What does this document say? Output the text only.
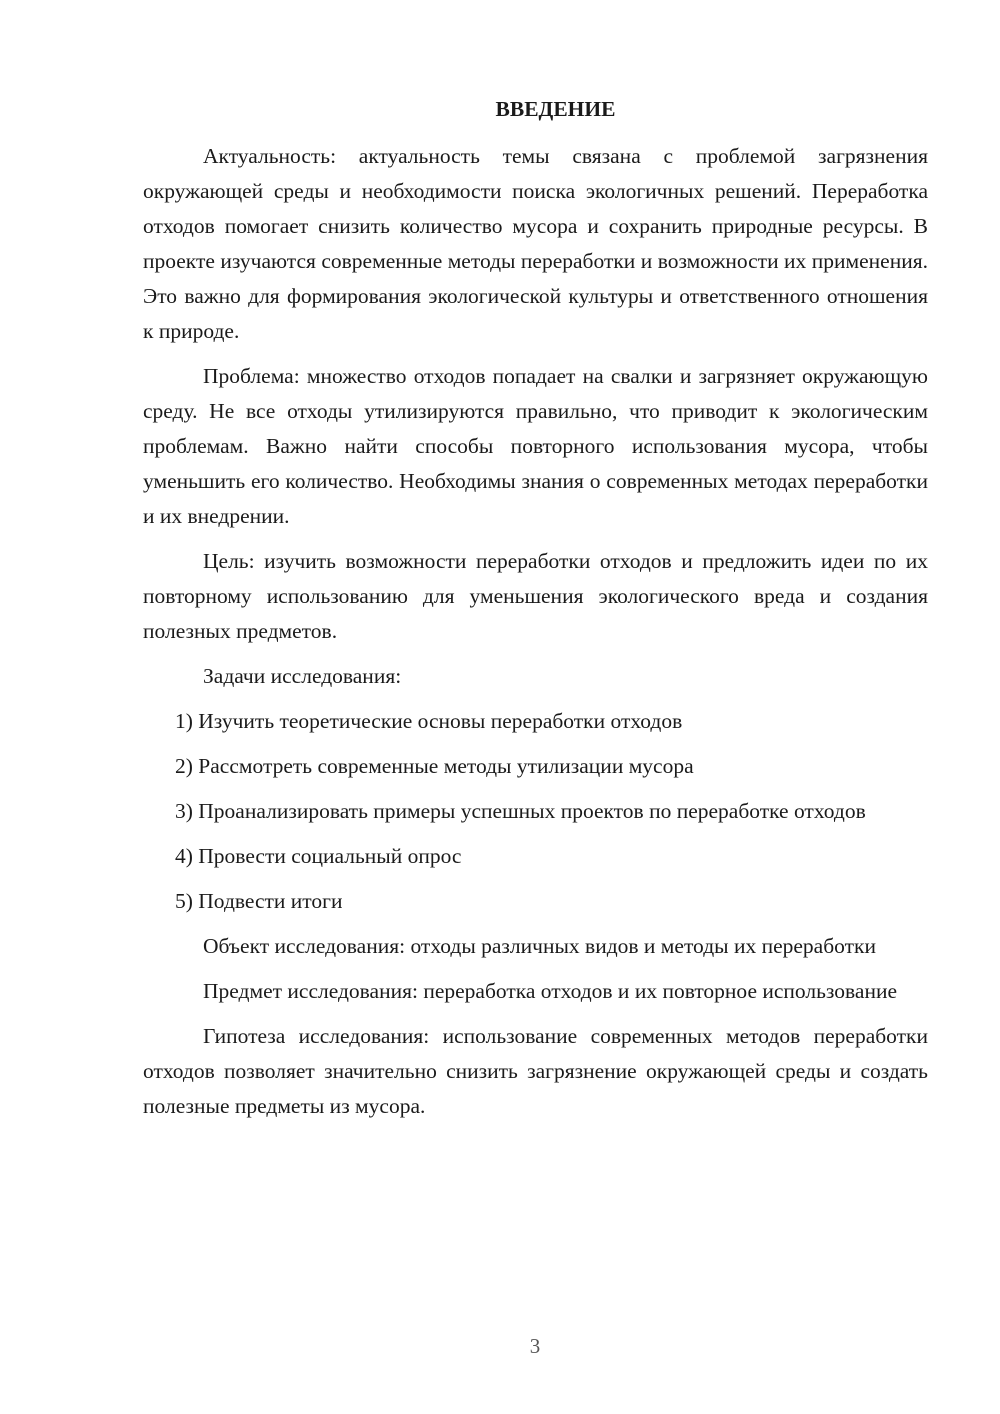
ВВЕДЕНИЕ

Актуальность: актуальность темы связана с проблемой загрязнения окружающей среды и необходимости поиска экологичных решений. Переработка отходов помогает снизить количество мусора и сохранить природные ресурсы. В проекте изучаются современные методы переработки и возможности их применения. Это важно для формирования экологической культуры и ответственного отношения к природе.

Проблема: множество отходов попадает на свалки и загрязняет окружающую среду. Не все отходы утилизируются правильно, что приводит к экологическим проблемам. Важно найти способы повторного использования мусора, чтобы уменьшить его количество. Необходимы знания о современных методах переработки и их внедрении.

Цель: изучить возможности переработки отходов и предложить идеи по их повторному использованию для уменьшения экологического вреда и создания полезных предметов.

Задачи исследования:

1) Изучить теоретические основы переработки отходов

2) Рассмотреть современные методы утилизации мусора

3) Проанализировать примеры успешных проектов по переработке отходов

4) Провести социальный опрос

5) Подвести итоги

Объект исследования: отходы различных видов и методы их переработки

Предмет исследования: переработка отходов и их повторное использование

Гипотеза исследования: использование современных методов переработки отходов позволяет значительно снизить загрязнение окружающей среды и создать полезные предметы из мусора.

3
